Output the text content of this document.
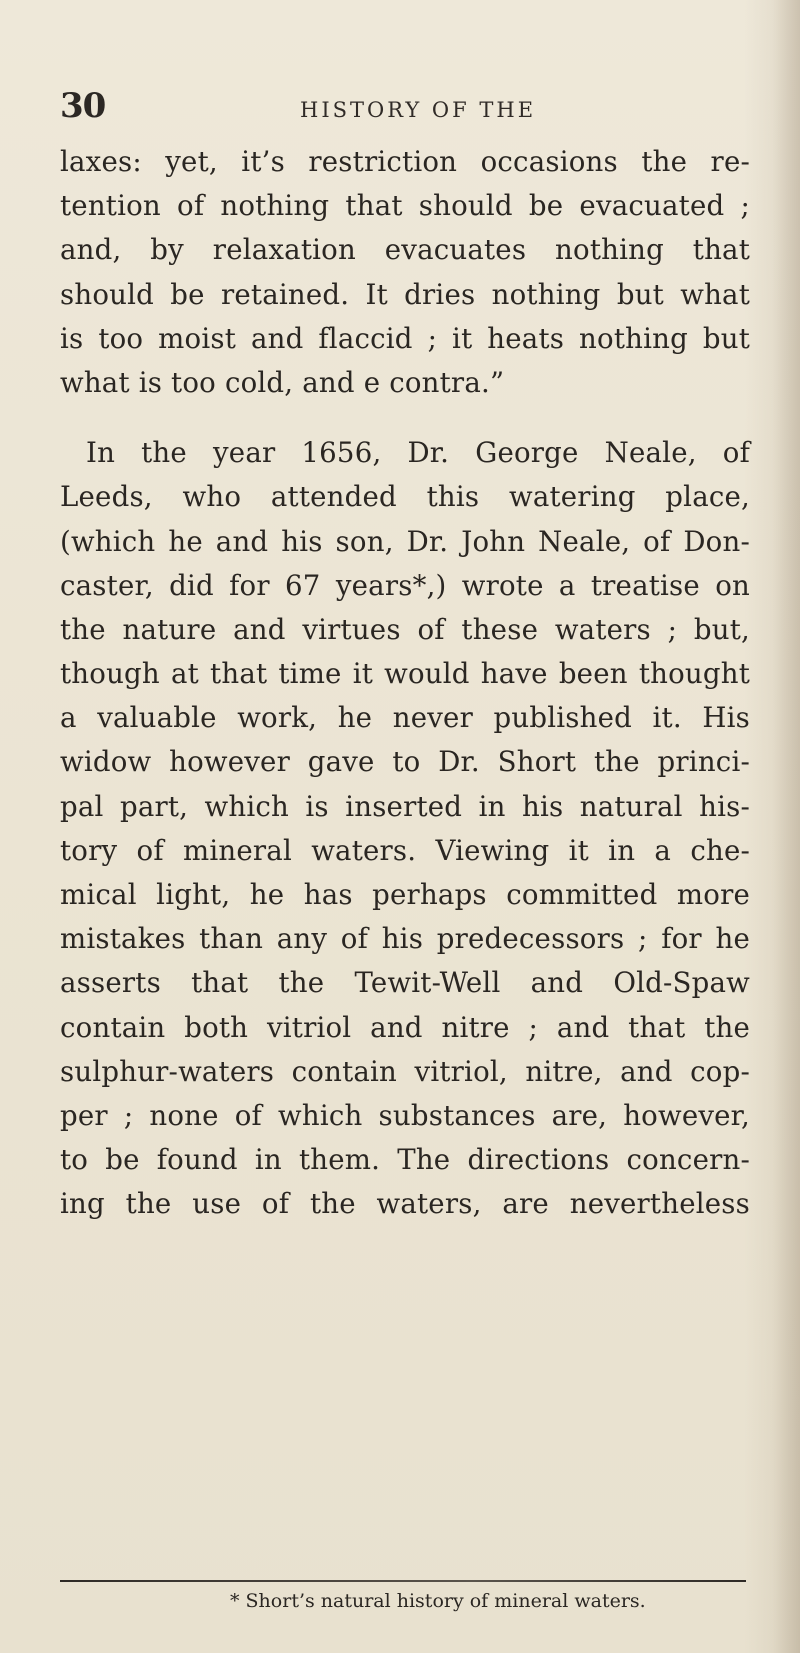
30	HISTORY OF THE
laxes: yet, it’s restriction occasions the re-
tention of nothing that should be evacuated ;
and, by relaxation evacuates nothing that
should be retained. It dries nothing but what
is too moist and flaccid ; it heats nothing but
what is too cold, and e contra.”
In the year 1656, Dr. George Neale, of
Leeds, who attended this watering place,
(which he and his son, Dr. John Neale, of Don-
caster, did for 67 years*,) wrote a treatise on
the nature and virtues of these waters ; but,
though at that time it would have been thought
a valuable work, he never published it. His
widow however gave to Dr. Short the princi-
pal part, which is inserted in his natural his-
tory of mineral waters. Viewing it in a che-
mical light, he has perhaps committed more
mistakes than any of his predecessors ; for he
asserts that the Tewit-Well and Old-Spaw
contain both vitriol and nitre ; and that the
sulphur-waters contain vitriol, nitre, and cop-
per ; none of which substances are, however,
to be found in them. The directions concern-
ing the use of the waters, are nevertheless
* Short’s natural history of mineral waters.
